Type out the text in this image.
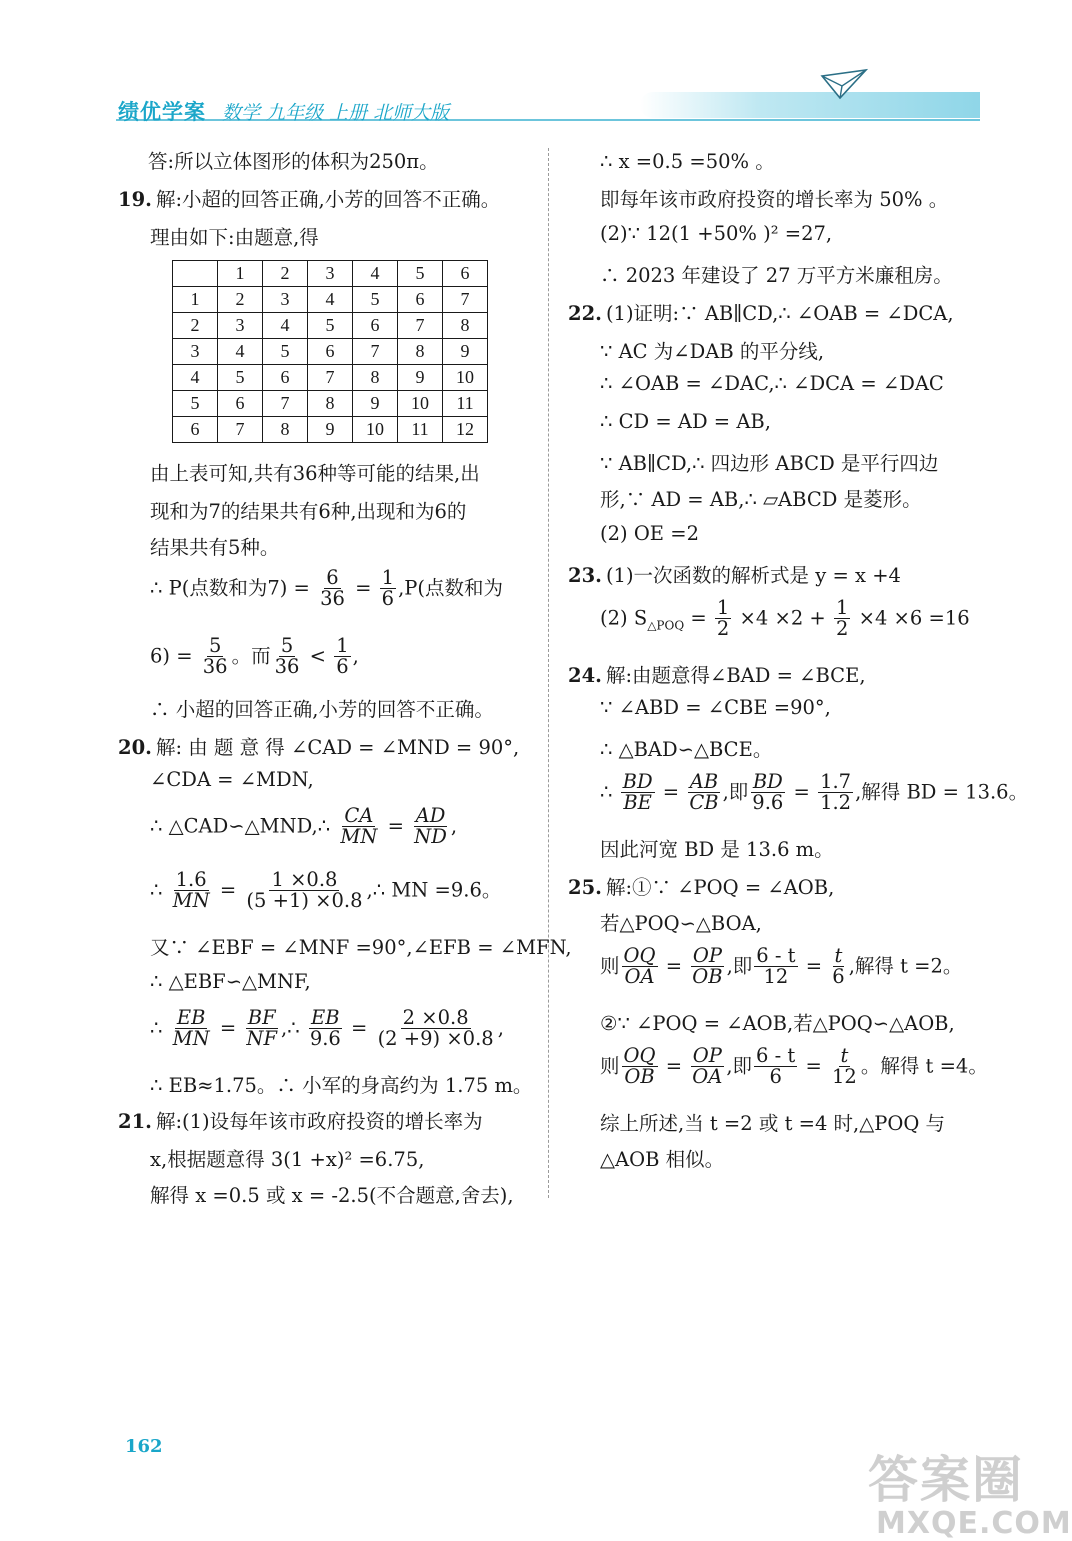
绩优学案 数学 九年级 上册 北师大版
答:所以立体图形的体积为250π。
19. 解:小超的回答正确,小芳的回答不正确。
理由如下:由题意,得
	1	2	3	4	5	6
1	2	3	4	5	6	7
2	3	4	5	6	7	8
3	4	5	6	7	8	9
4	5	6	7	8	9	10
5	6	7	8	9	10	11
6	7	8	9	10	11	12
由上表可知,共有36种等可能的结果,出
现和为7的结果共有6种,出现和为6的
结果共有5种。
∴ P(点数和为$7) = \frac{6}{36} = \frac{1}{6} ,P$(点数和为
$6) = \frac{5}{36}$ 。而 $\frac{5}{36} < \frac{1}{6}$ ,
∴ 小超的回答正确,小芳的回答不正确。
20. 解: 由 题 意 得 ∠CAD = ∠MND = 90°,
∠CDA = ∠MDN,
∴ △CAD∽△MND,∴ $\frac{CA}{MN} = \frac{AD}{ND}$ ,
∴ $\frac{1.6}{MN} = \frac{1 \times 0.8}{(5 +1) \times 0.8}$ ,∴ MN =9.6。
又∵ ∠EBF = ∠MNF =90°,∠EFB = ∠MFN,
∴ △EBF∽△MNF,
∴ $\frac{EB}{MN} = \frac{BF}{NF}$ ,∴ $\frac{EB}{9.6} = \frac{2 \times 0.8}{(2 +9) \times 0.8}$ ,
∴ EB≈1.75。∴ 小军的身高约为 1.75 m。
21. 解:(1)设每年该市政府投资的增长率为
x,根据题意得 3(1 +x)² =6.75,
解得 x =0.5 或 x = -2.5(不合题意,舍去),
∴ x =0.5 =50% 。
即每年该市政府投资的增长率为 50% 。
(2)∵ 12(1 +50% )² =27,
∴ 2023 年建设了 27 万平方米廉租房。
22. (1)证明:∵ AB∥CD,∴ ∠OAB = ∠DCA,
∵ AC 为∠DAB 的平分线,
∴ ∠OAB = ∠DAC,∴ ∠DCA = ∠DAC
∴ CD = AD = AB,
∵ AB∥CD,∴ 四边形 ABCD 是平行四边
形,∵ AD = AB,∴ ▱ABCD 是菱形。
(2) OE =2
23. (1)一次函数的解析式是 y = x +4
(2) $S_{\triangle POQ} = \frac{1}{2} \times 4 \times 2 + \frac{1}{2} \times 4 \times 6 =16$
24. 解:由题意得∠BAD = ∠BCE,
∵ ∠ABD = ∠CBE =90°,
∴ △BAD∽△BCE。
∴ $\frac{BD}{BE} = \frac{AB}{CB}$ ,即 $\frac{BD}{9.6} = \frac{1.7}{1.2}$ ,解得 BD = 13.6。
因此河宽 BD 是 13.6 m。
25. 解:①∵ ∠POQ = ∠AOB,
若△POQ∽△BOA,
则 $\frac{OQ}{OA} = \frac{OP}{OB}$ ,即 $\frac{6 - t}{12} = \frac{t}{6}$ ,解得 t =2。
②∵ ∠POQ = ∠AOB,若△POQ∽△AOB,
则 $\frac{OQ}{OB} = \frac{OP}{OA}$ ,即 $\frac{6 - t}{6} = \frac{t}{12}$ 。解得 t =4。
综上所述,当 t =2 或 t =4 时,△POQ 与
△AOB 相似。
162
答案圈
MXQE.COM
